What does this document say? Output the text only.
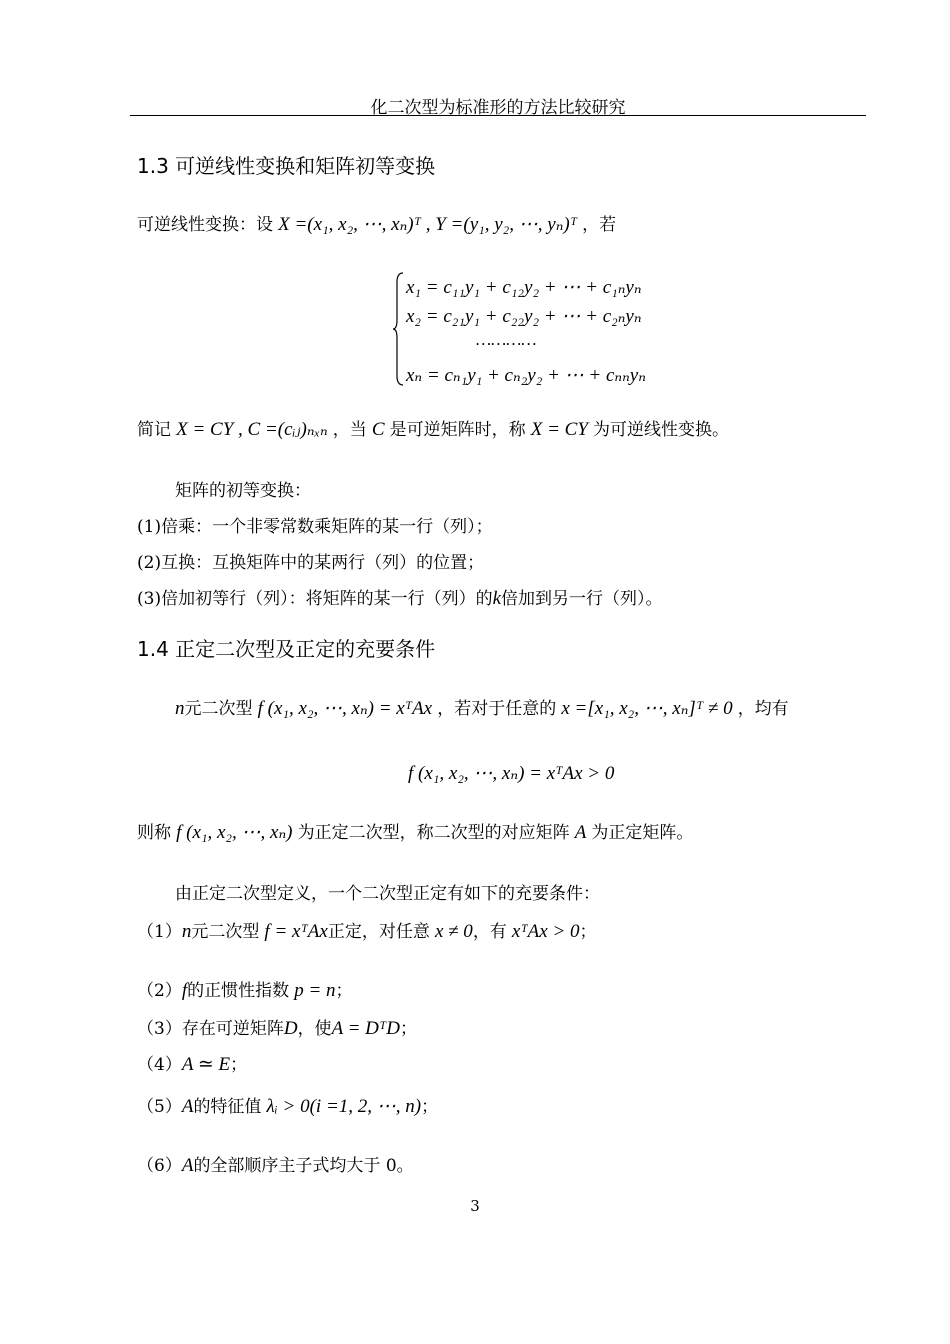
化二次型为标准形的方法比较研究
1.3 可逆线性变换和矩阵初等变换
可逆线性变换：设 X =(x₁, x₂, ⋯, xₙ)ᵀ , Y =(y₁, y₂, ⋯, yₙ)ᵀ ，若
x₁ = c₁₁y₁ + c₁₂y₂ + ⋯ + c₁ₙyₙ
x₂ = c₂₁y₁ + c₂₂y₂ + ⋯ + c₂ₙyₙ
…………
xₙ = cₙ₁y₁ + cₙ₂y₂ + ⋯ + cₙₙyₙ
简记 X = CY , C =(cᵢⱼ)ₙₓₙ ，当 C 是可逆矩阵时，称 X = CY 为可逆线性变换。
矩阵的初等变换：
(1)倍乘：一个非零常数乘矩阵的某一行（列）；
(2)互换：互换矩阵中的某两行（列）的位置；
(3)倍加初等行（列）：将矩阵的某一行（列）的k倍加到另一行（列）。
1.4 正定二次型及正定的充要条件
n元二次型 f (x₁, x₂, ⋯, xₙ) = xᵀAx ，若对于任意的 x =[x₁, x₂, ⋯, xₙ]ᵀ ≠ 0 ，均有
f (x₁, x₂, ⋯, xₙ) = xᵀAx > 0
则称 f (x₁, x₂, ⋯, xₙ) 为正定二次型，称二次型的对应矩阵 A 为正定矩阵。
由正定二次型定义，一个二次型正定有如下的充要条件：
（1）n元二次型 f = xᵀAx正定，对任意 x ≠ 0，有 xᵀAx > 0；
（2）f的正惯性指数 p = n；
（3）存在可逆矩阵D，使A = DᵀD；
（4）A ≃ E；
（5）A的特征值 λᵢ > 0(i =1, 2, ⋯, n)；
（6）A的全部顺序主子式均大于 0。
3
